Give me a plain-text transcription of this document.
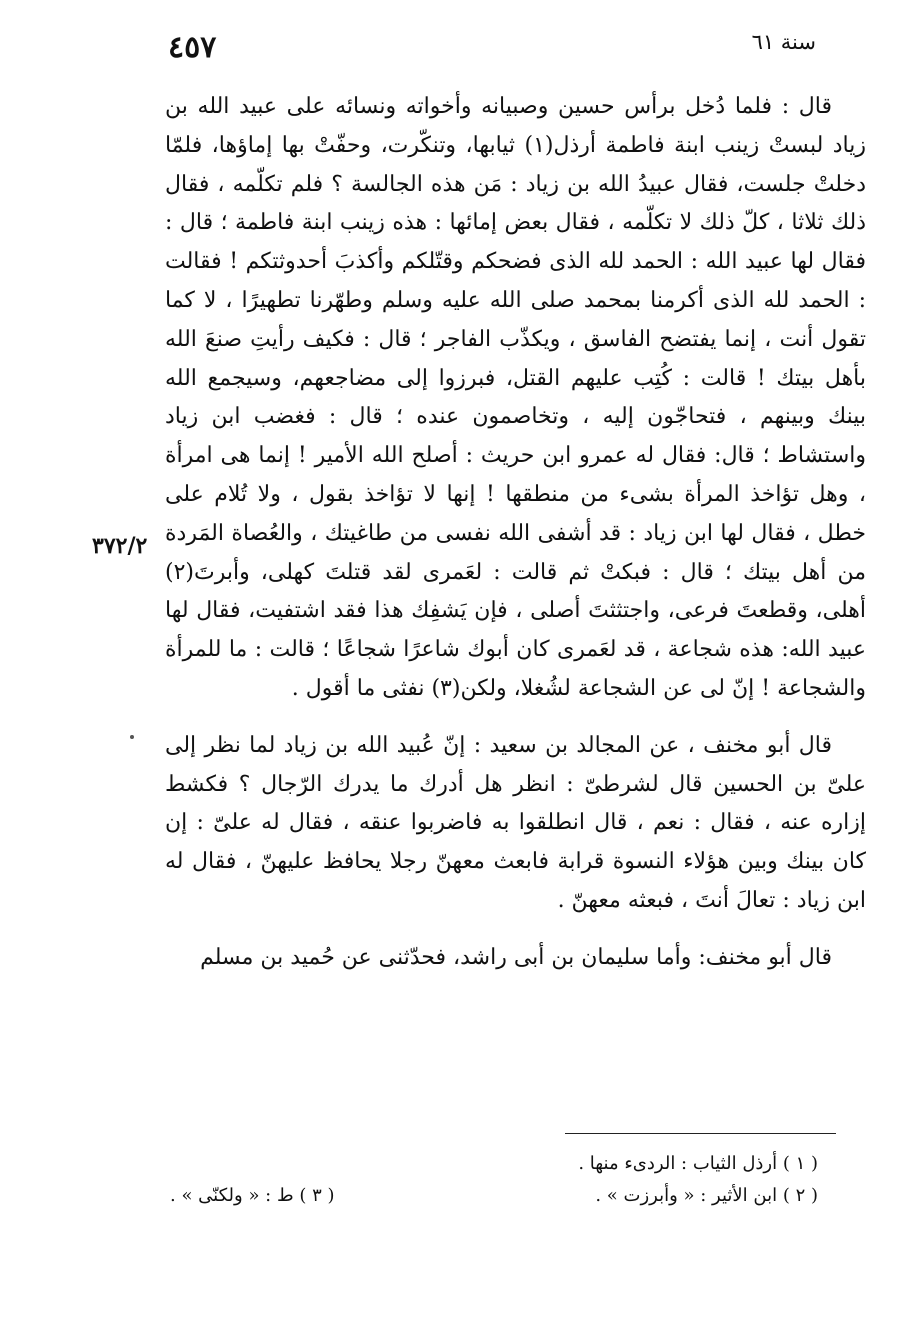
سنة ٦١
٤٥٧
٣٧٢/٢

قال : فلما دُخل برأس حسين وصبيانه وأخواته ونسائه على عبيد الله بن زياد لبستْ زينب ابنة فاطمة أرذل(١) ثيابها، وتنكّرت، وحفّتْ بها إماؤها، فلمّا دخلتْ جلست، فقال عبيدُ الله بن زياد : مَن هذه الجالسة ؟ فلم تكلّمه ، فقال ذلك ثلاثا ، كلّ ذلك لا تكلّمه ، فقال بعض إمائها : هذه زينب ابنة فاطمة ؛ قال : فقال لها عبيد الله : الحمد لله الذى فضحكم وقتّلكم وأكذبَ أحدوثتكم ! فقالت : الحمد لله الذى أكرمنا بمحمد صلى الله عليه وسلم وطهّرنا تطهيرًا ، لا كما تقول أنت ، إنما يفتضح الفاسق ، ويكذّب الفاجر ؛ قال : فكيف رأيتِ صنعَ الله بأهل بيتك ! قالت : كُتِب عليهم القتل، فبرزوا إلى مضاجعهم، وسيجمع الله بينك وبينهم ، فتحاجّون إليه ، وتخاصمون عنده ؛ قال : فغضب ابن زياد واستشاط ؛ قال: فقال له عمرو ابن حريث : أصلح الله الأمير ! إنما هى امرأة ، وهل تؤاخذ المرأة بشىء من منطقها ! إنها لا تؤاخذ بقول ، ولا تُلام على خطل ، فقال لها ابن زياد : قد أشفى الله نفسى من طاغيتك ، والعُصاة المَردة من أهل بيتك ؛ قال : فبكتْ ثم قالت : لعَمرى لقد قتلتَ كهلى، وأبرتَ(٢) أهلى، وقطعتَ فرعى، واجتثثتَ أصلى ، فإن يَشفِك هذا فقد اشتفيت، فقال لها عبيد الله: هذه شجاعة ، قد لعَمرى كان أبوك شاعرًا شجاعًا ؛ قالت : ما للمرأة والشجاعة ! إنّ لى عن الشجاعة لشُغلا، ولكن(٣) نفثى ما أقول .

قال أبو مخنف ، عن المجالد بن سعيد : إنّ عُبيد الله بن زياد لما نظر إلى علىّ بن الحسين قال لشرطىّ : انظر هل أدرك ما يدرك الرّجال ؟ فكشط إزاره عنه ، فقال : نعم ، قال انطلقوا به فاضربوا عنقه ، فقال له علىّ : إن كان بينك وبين هؤلاء النسوة قرابة فابعث معهنّ رجلا يحافظ عليهنّ ، فقال له ابن زياد : تعالَ أنتَ ، فبعثه معهنّ .

قال أبو مخنف: وأما سليمان بن أبى راشد، فحدّثنى عن حُميد بن مسلم

( ١ ) أرذل الثياب : الردىء منها .
( ٢ ) ابن الأثير : « وأبرزت » .
( ٣ ) ط : « ولكنّى » .
